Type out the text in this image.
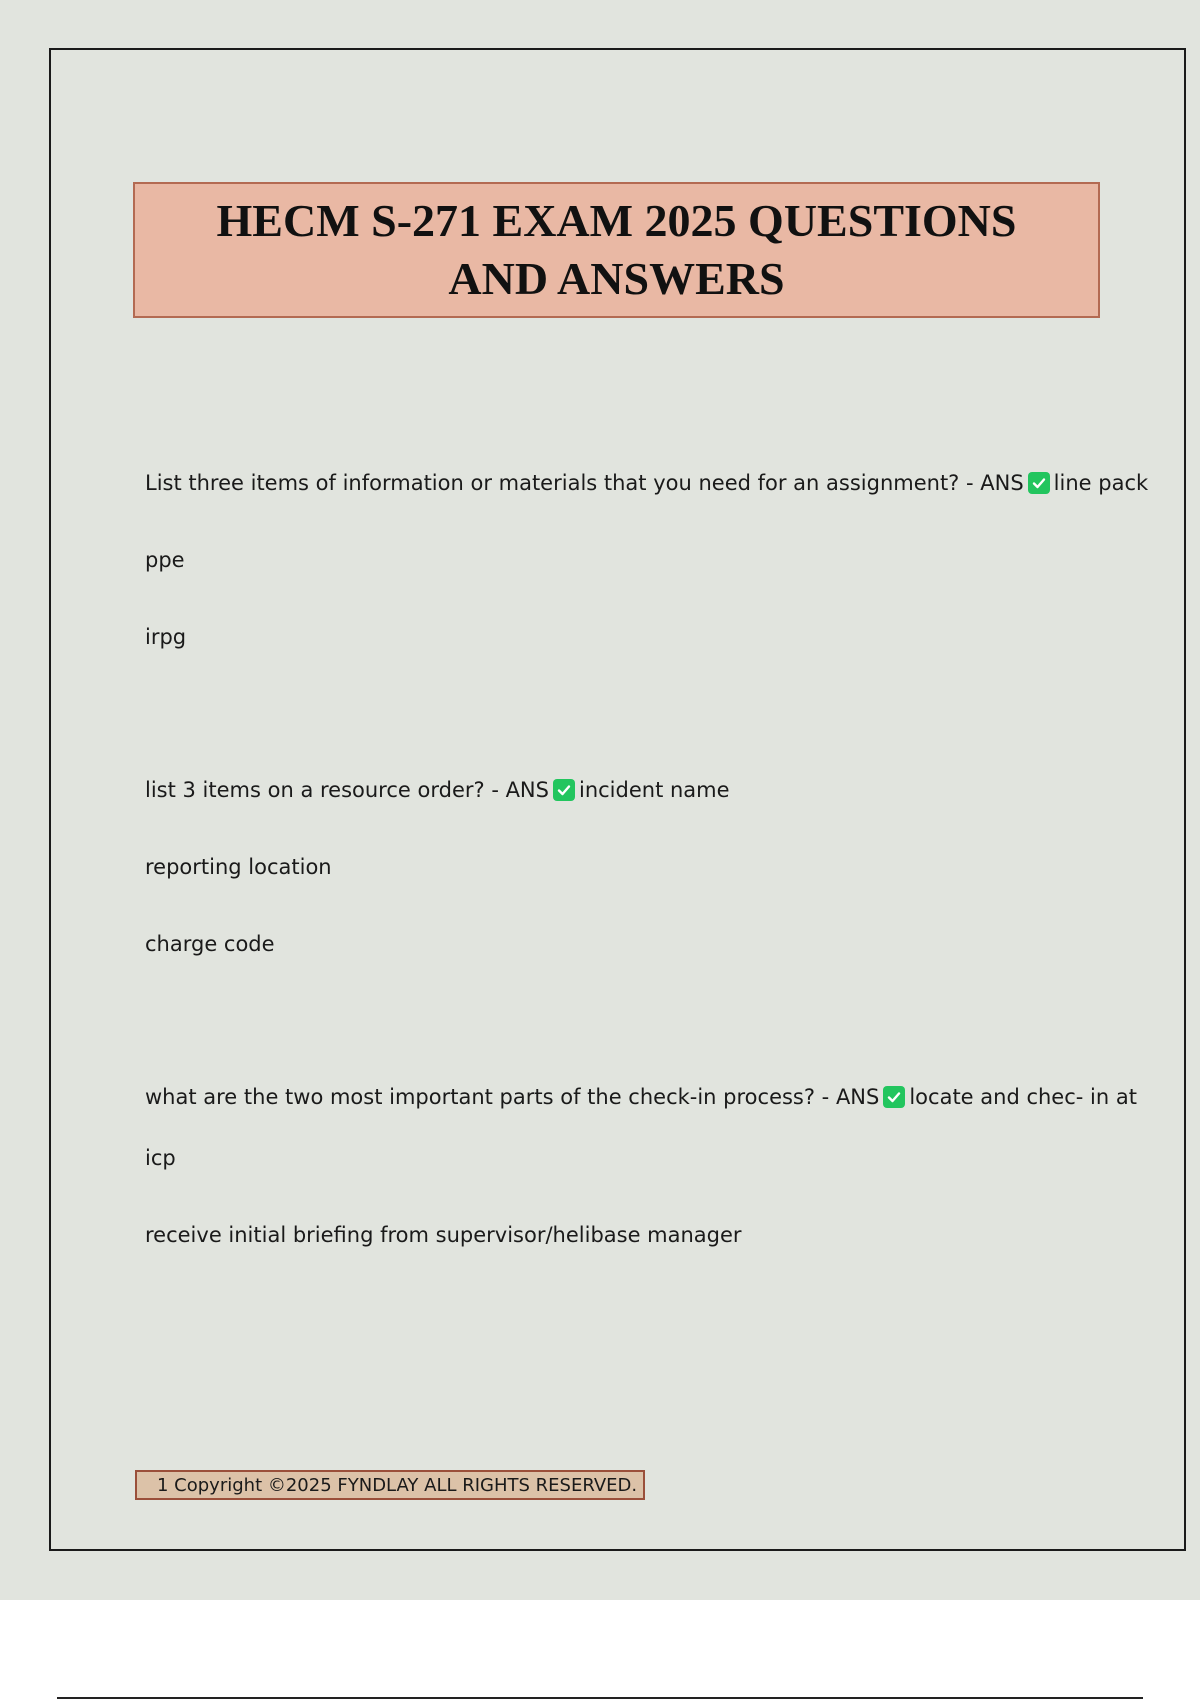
HECM S-271 EXAM 2025 QUESTIONS
AND ANSWERS
List three items of information or materials that you need for an assignment? - ANS line pack
ppe
irpg
list 3 items on a resource order? - ANS incident name
reporting location
charge code
what are the two most important parts of the check-in process? - ANS locate and chec- in at
icp
receive initial briefing from supervisor/helibase manager
1 Copyright ©2025 FYNDLAY ALL RIGHTS RESERVED.
